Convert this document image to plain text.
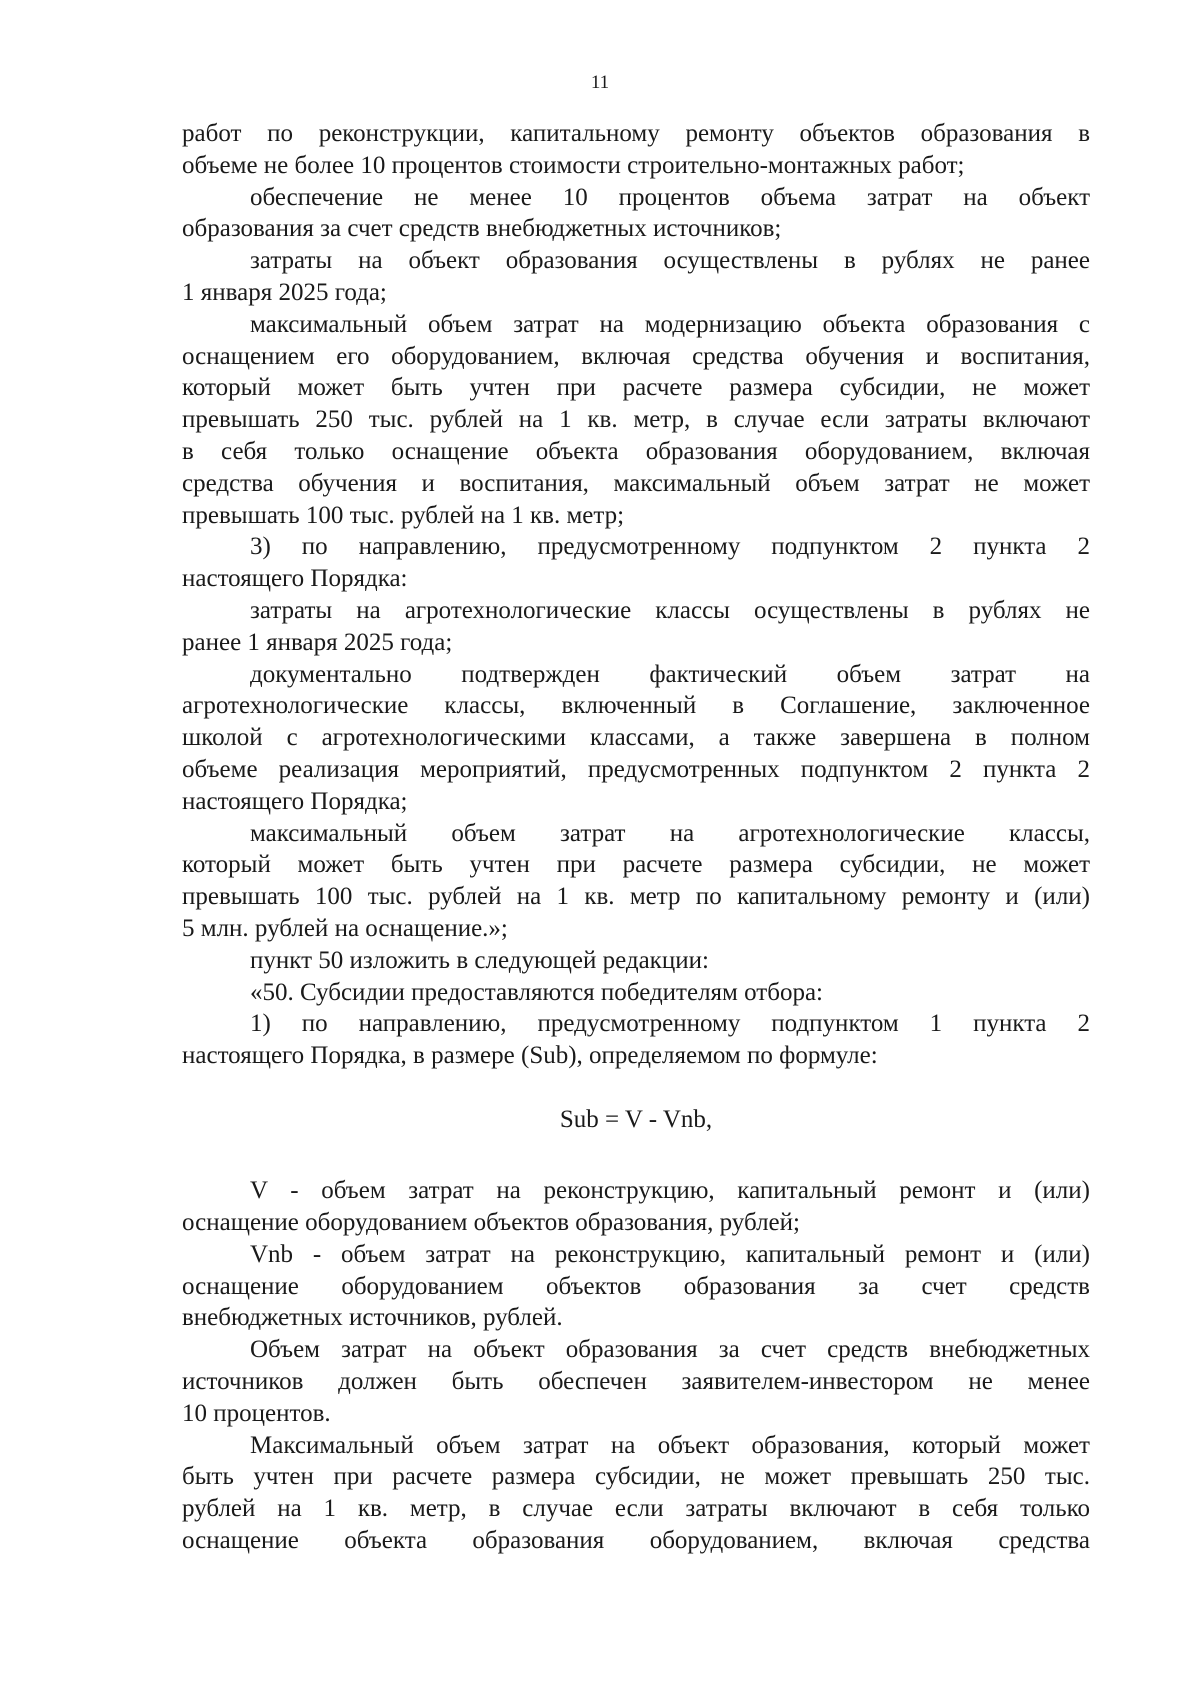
11
работ по реконструкции, капитальному ремонту объектов образования в
объеме не более 10 процентов стоимости строительно-монтажных работ;
обеспечение не менее 10 процентов объема затрат на объект
образования за счет средств внебюджетных источников;
затраты на объект образования осуществлены в рублях не ранее
1 января 2025 года;
максимальный объем затрат на модернизацию объекта образования с
оснащением его оборудованием, включая средства обучения и воспитания,
который может быть учтен при расчете размера субсидии, не может
превышать 250 тыс. рублей на 1 кв. метр, в случае если затраты включают
в себя только оснащение объекта образования оборудованием, включая
средства обучения и воспитания, максимальный объем затрат не может
превышать 100 тыс. рублей на 1 кв. метр;
3) по направлению, предусмотренному подпунктом 2 пункта 2
настоящего Порядка:
затраты на агротехнологические классы осуществлены в рублях не
ранее 1 января 2025 года;
документально подтвержден фактический объем затрат на
агротехнологические классы, включенный в Соглашение, заключенное
школой с агротехнологическими классами, а также завершена в полном
объеме реализация мероприятий, предусмотренных подпунктом 2 пункта 2
настоящего Порядка;
максимальный объем затрат на агротехнологические классы,
который может быть учтен при расчете размера субсидии, не может
превышать 100 тыс. рублей на 1 кв. метр по капитальному ремонту и (или)
5 млн. рублей на оснащение.»;
пункт 50 изложить в следующей редакции:
«50. Субсидии предоставляются победителям отбора:
1) по направлению, предусмотренному подпунктом 1 пункта 2
настоящего Порядка, в размере (Sub), определяемом по формуле:
Sub = V - Vnb,
V - объем затрат на реконструкцию, капитальный ремонт и (или)
оснащение оборудованием объектов образования, рублей;
Vnb - объем затрат на реконструкцию, капитальный ремонт и (или)
оснащение оборудованием объектов образования за счет средств
внебюджетных источников, рублей.
Объем затрат на объект образования за счет средств внебюджетных
источников должен быть обеспечен заявителем-инвестором не менее
10 процентов.
Максимальный объем затрат на объект образования, который может
быть учтен при расчете размера субсидии, не может превышать 250 тыс.
рублей на 1 кв. метр, в случае если затраты включают в себя только
оснащение объекта образования оборудованием, включая средства
